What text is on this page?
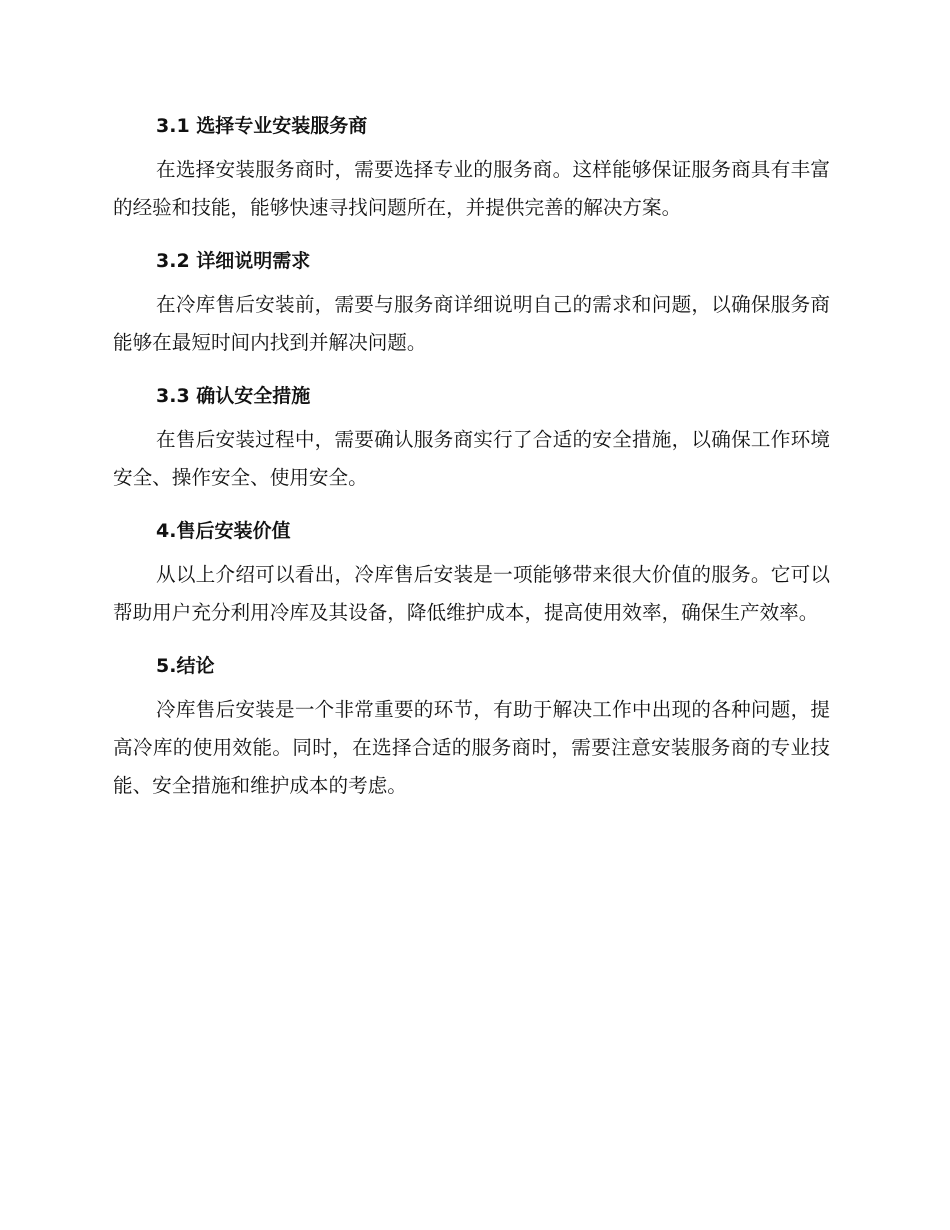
3.1 选择专业安装服务商

在选择安装服务商时，需要选择专业的服务商。这样能够保证服务商具有丰富的经验和技能，能够快速寻找问题所在，并提供完善的解决方案。

3.2 详细说明需求

在冷库售后安装前，需要与服务商详细说明自己的需求和问题，以确保服务商能够在最短时间内找到并解决问题。

3.3 确认安全措施

在售后安装过程中，需要确认服务商实行了合适的安全措施，以确保工作环境安全、操作安全、使用安全。

4.售后安装价值

从以上介绍可以看出，冷库售后安装是一项能够带来很大价值的服务。它可以帮助用户充分利用冷库及其设备，降低维护成本，提高使用效率，确保生产效率。

5.结论

冷库售后安装是一个非常重要的环节，有助于解决工作中出现的各种问题，提高冷库的使用效能。同时，在选择合适的服务商时，需要注意安装服务商的专业技能、安全措施和维护成本的考虑。
